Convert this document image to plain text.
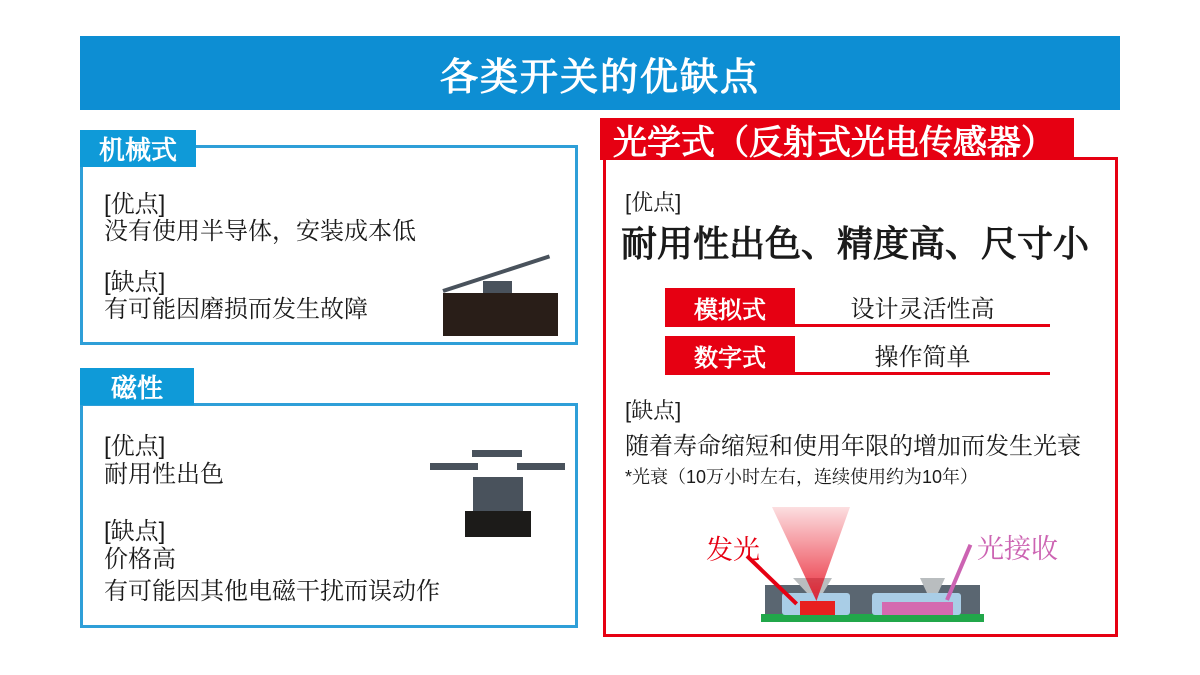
各类开关的优缺点
机械式
[优点]
没有使用半导体，安装成本低
[缺点]
有可能因磨损而发生故障
磁性
[优点]
耐用性出色
[缺点]
价格高
有可能因其他电磁干扰而误动作
光学式（反射式光电传感器）
[优点]
耐用性出色、精度高、尺寸小
模拟式	设计灵活性高
数字式	操作简单
[缺点]
随着寿命缩短和使用年限的增加而发生光衰
*光衰（10万小时左右，连续使用约为10年）
发光	光接收
